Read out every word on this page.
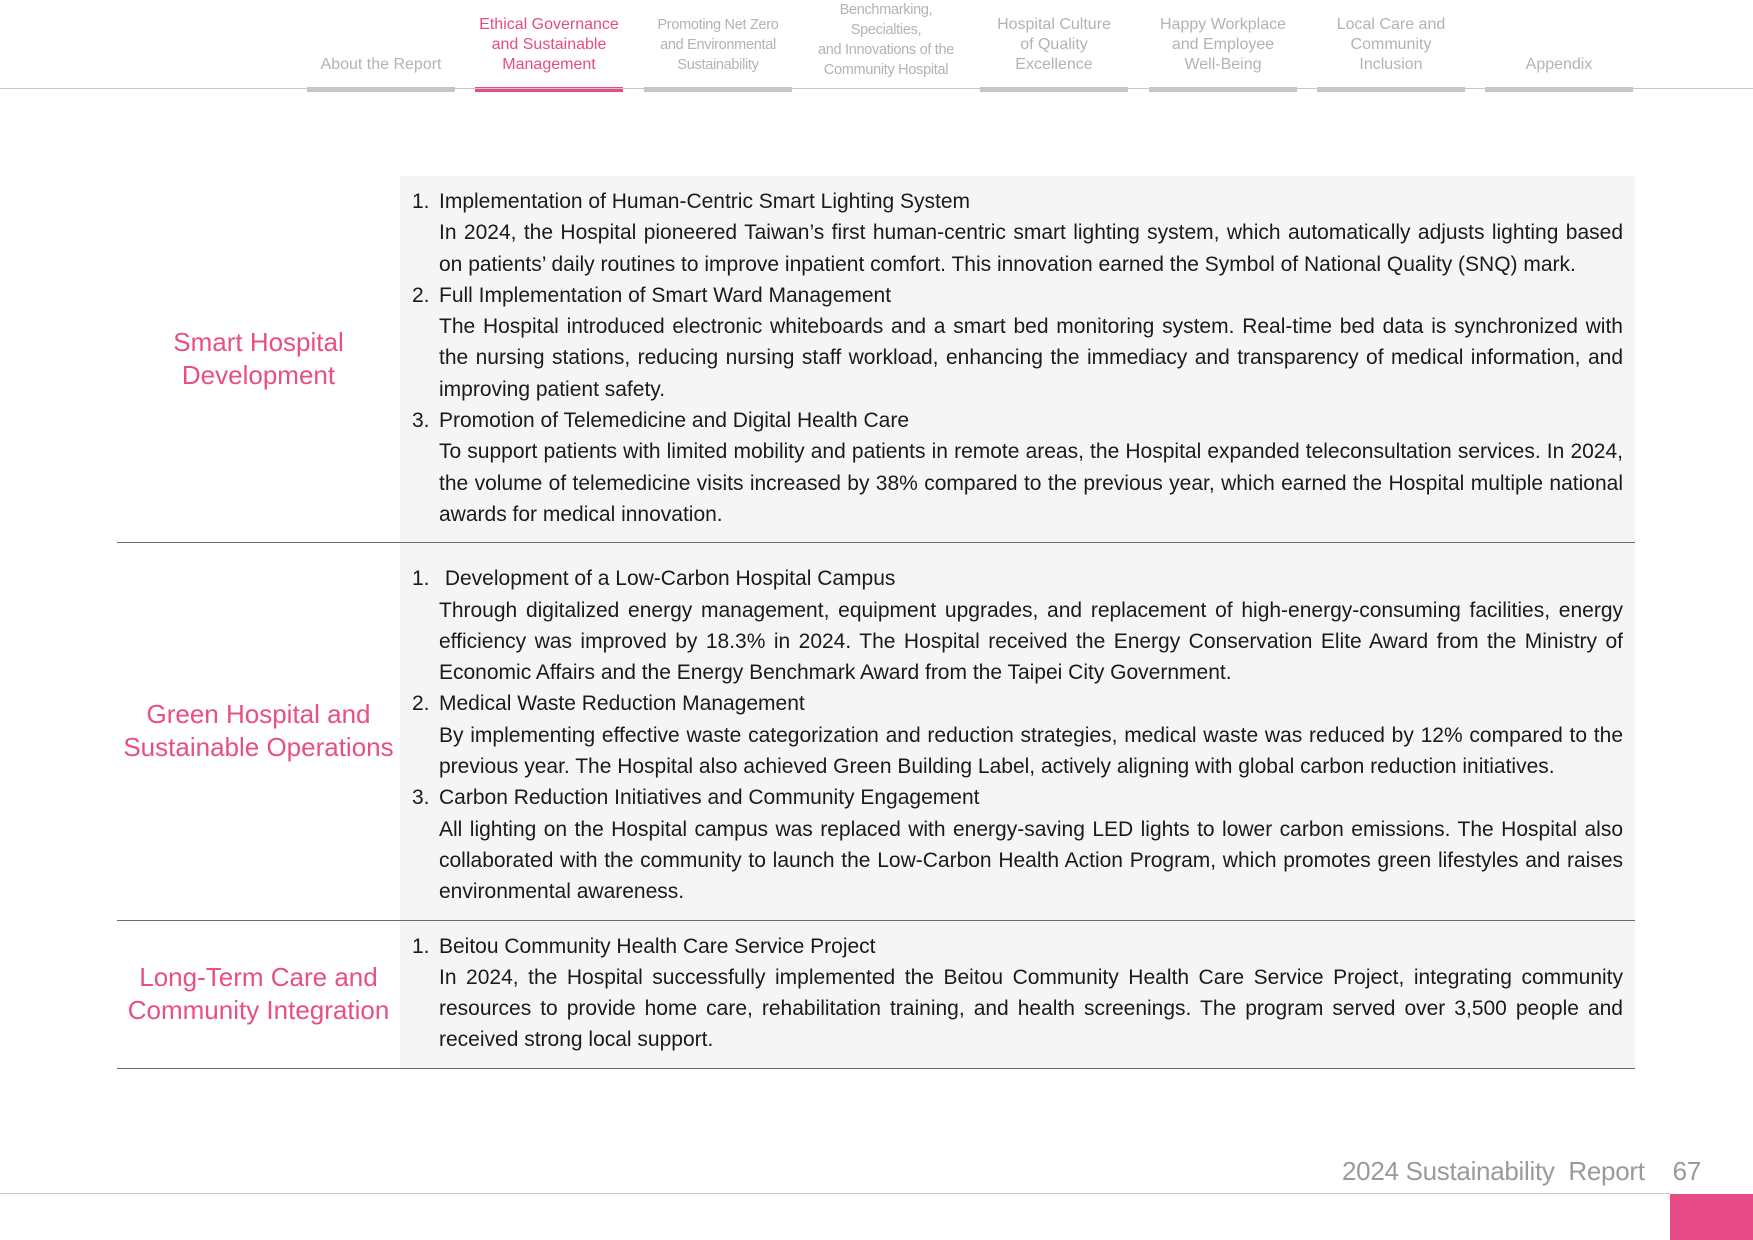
About the Report
Ethical Governance
and Sustainable
Management
Promoting Net Zero
and Environmental
Sustainability
Benchmarking, Specialties,
and Innovations of the
Community Hospital
Hospital Culture
of Quality
Excellence
Happy Workplace
and Employee
Well-Being
Local Care and
Community
Inclusion	Appendix
Smart Hospital Development
1. Implementation of Human-Centric Smart Lighting System
In 2024, the Hospital pioneered Taiwan’s first human-centric smart lighting system, which automatically adjusts lighting based on patients’ daily routines to improve inpatient comfort. This innovation earned the Symbol of National Quality (SNQ) mark.
2. Full Implementation of Smart Ward Management
The Hospital introduced electronic whiteboards and a smart bed monitoring system. Real-time bed data is synchronized with the nursing stations, reducing nursing staff workload, enhancing the immediacy and transparency of medical information, and improving patient safety.
3. Promotion of Telemedicine and Digital Health Care
To support patients with limited mobility and patients in remote areas, the Hospital expanded teleconsultation services. In 2024, the volume of telemedicine visits increased by 38% compared to the previous year, which earned the Hospital multiple national awards for medical innovation.
Green Hospital and Sustainable Operations
1. Development of a Low-Carbon Hospital Campus
Through digitalized energy management, equipment upgrades, and replacement of high-energy-consuming facilities, energy efficiency was improved by 18.3% in 2024. The Hospital received the Energy Conservation Elite Award from the Ministry of Economic Affairs and the Energy Benchmark Award from the Taipei City Government.
2. Medical Waste Reduction Management
By implementing effective waste categorization and reduction strategies, medical waste was reduced by 12% compared to the previous year. The Hospital also achieved Green Building Label, actively aligning with global carbon reduction initiatives.
3. Carbon Reduction Initiatives and Community Engagement
All lighting on the Hospital campus was replaced with energy-saving LED lights to lower carbon emissions. The Hospital also collaborated with the community to launch the Low-Carbon Health Action Program, which promotes green lifestyles and raises environmental awareness.
Long-Term Care and Community Integration
1. Beitou Community Health Care Service Project
In 2024, the Hospital successfully implemented the Beitou Community Health Care Service Project, integrating community resources to provide home care, rehabilitation training, and health screenings. The program served over 3,500 people and received strong local support.
2024 Sustainability  Report 67
